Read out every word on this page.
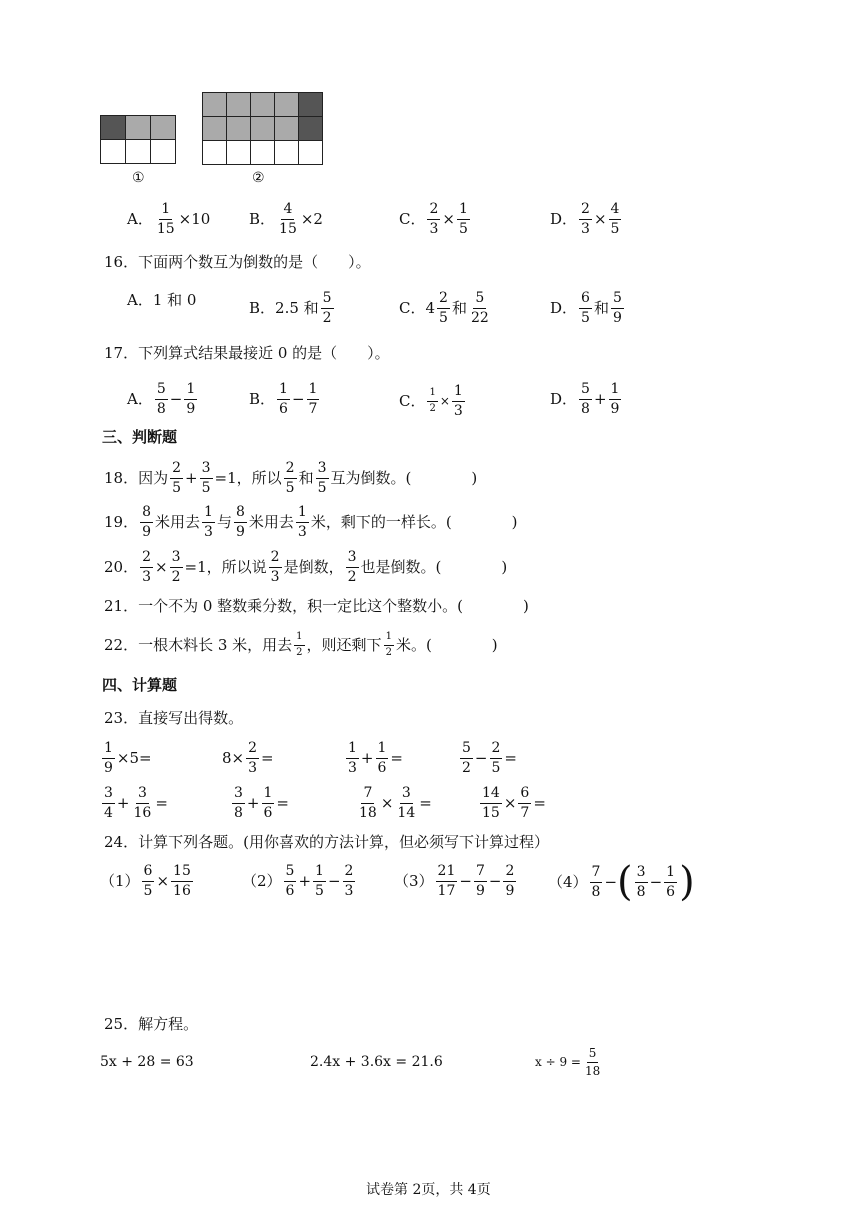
①	②
A． $\frac{1}{15} \times 10$	B． $\frac{4}{15} \times 2$	C． $\frac{2}{3} \times \frac{1}{5}$	D． $\frac{2}{3} \times \frac{4}{5}$
16．下面两个数互为倒数的是（　　）。
A． 1 和 0	B． 2.5 和 $\frac{5}{2}$	C． $4 \frac{2}{5}$ 和 $\frac{5}{22}$	D． $\frac{6}{5}$ 和 $\frac{5}{9}$
17．下列算式结果最接近 0 的是（　　）。
A． $\frac{5}{8} - \frac{1}{9}$	B． $\frac{1}{6} - \frac{1}{7}$	C． $\frac{1}{2} \times \frac{1}{3}$	D． $\frac{5}{8} + \frac{1}{9}$
三、判断题
18．因为 $\frac{2}{5} + \frac{3}{5} =1$，所以 $\frac{2}{5}$ 和 $\frac{3}{5}$ 互为倒数。(　　　　)
19． $\frac{8}{9}$ 米用去 $\frac{1}{3}$ 与 $\frac{8}{9}$ 米用去 $\frac{1}{3}$ 米，剩下的一样长。(　　　　)
20． $\frac{2}{3} \times \frac{3}{2} =1$，所以说 $\frac{2}{3}$ 是倒数， $\frac{3}{2}$ 也是倒数。(　　　　)
21．一个不为 0 整数乘分数，积一定比这个整数小。(　　　　)
22．一根木料长 3 米，用去 $\frac{1}{2}$ ，则还剩下 $\frac{1}{2}$ 米。(　　　　)
四、计算题
23．直接写出得数。
$\frac{1}{9} \times 5=$	$8\times \frac{2}{3}$ =	$\frac{1}{3} + \frac{1}{6}$ =	$\frac{5}{2} - \frac{2}{5}$ =
$\frac{3}{4} + \frac{3}{16}$ =	$\frac{3}{8} + \frac{1}{6}$ =	$\frac{7}{18} \times \frac{3}{14}$ =	$\frac{14}{15} \times \frac{6}{7}$ =
24．计算下列各题。(用你喜欢的方法计算，但必须写下计算过程）
$(1) \frac{6}{5} \times \frac{15}{16}$	$(2) \frac{5}{6} + \frac{1}{5} - \frac{2}{3}$	$(3) \frac{21}{17} - \frac{7}{9} - \frac{2}{9} (4) \frac{7}{8}$ − ( $\frac{3}{8} - \frac{1}{6}$ )
25．解方程。
5x + 28 = 63	2.4x + 3.6x = 21.6	$x \div 9 = \frac{5}{18}$
试卷第 2页，共 4页
